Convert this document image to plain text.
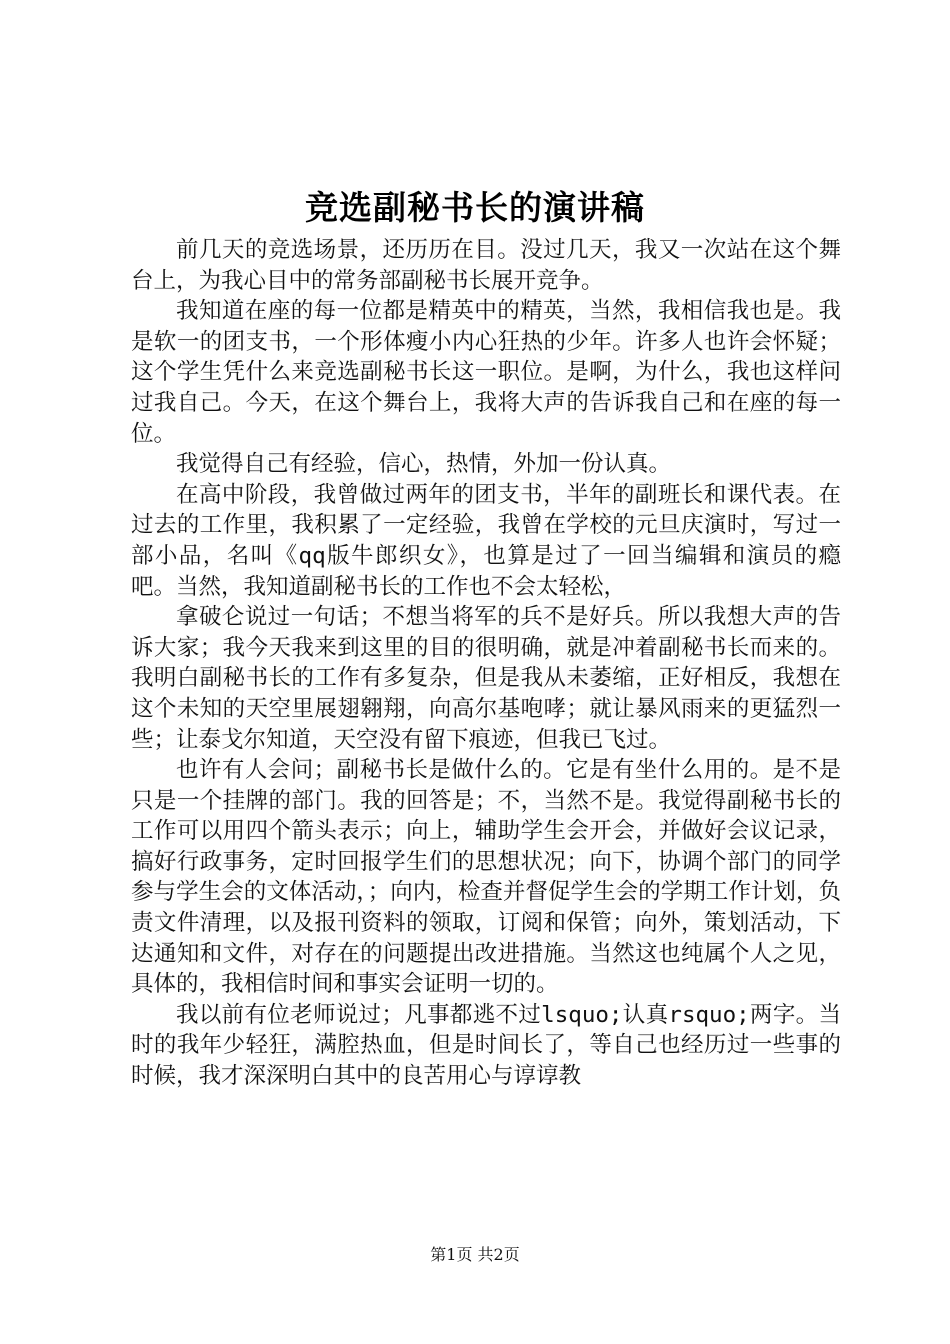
竞选副秘书长的演讲稿

前几天的竞选场景，还历历在目。没过几天，我又一次站在这个舞台上，为我心目中的常务部副秘书长展开竞争。

我知道在座的每一位都是精英中的精英，当然，我相信我也是。我是软一的团支书，一个形体瘦小内心狂热的少年。许多人也许会怀疑；这个学生凭什么来竞选副秘书长这一职位。是啊，为什么，我也这样问过我自己。今天，在这个舞台上，我将大声的告诉我自己和在座的每一位。

我觉得自己有经验，信心，热情，外加一份认真。

在高中阶段，我曾做过两年的团支书，半年的副班长和课代表。在过去的工作里，我积累了一定经验，我曾在学校的元旦庆演时，写过一部小品，名叫《qq版牛郎织女》，也算是过了一回当编辑和演员的瘾吧。当然，我知道副秘书长的工作也不会太轻松，

拿破仑说过一句话；不想当将军的兵不是好兵。所以我想大声的告诉大家；我今天我来到这里的目的很明确，就是冲着副秘书长而来的。我明白副秘书长的工作有多复杂，但是我从未萎缩，正好相反，我想在这个未知的天空里展翅翱翔，向高尔基咆哮；就让暴风雨来的更猛烈一些；让泰戈尔知道，天空没有留下痕迹，但我已飞过。

也许有人会问；副秘书长是做什么的。它是有坐什么用的。是不是只是一个挂牌的部门。我的回答是；不，当然不是。我觉得副秘书长的工作可以用四个箭头表示；向上，辅助学生会开会，并做好会议记录，搞好行政事务，定时回报学生们的思想状况；向下，协调个部门的同学参与学生会的文体活动，；向内，检查并督促学生会的学期工作计划，负责文件清理，以及报刊资料的领取，订阅和保管；向外，策划活动，下达通知和文件，对存在的问题提出改进措施。当然这也纯属个人之见，具体的，我相信时间和事实会证明一切的。

我以前有位老师说过；凡事都逃不过lsquo;认真rsquo;两字。当时的我年少轻狂，满腔热血，但是时间长了，等自己也经历过一些事的时候，我才深深明白其中的良苦用心与谆谆教

第1页 共2页
